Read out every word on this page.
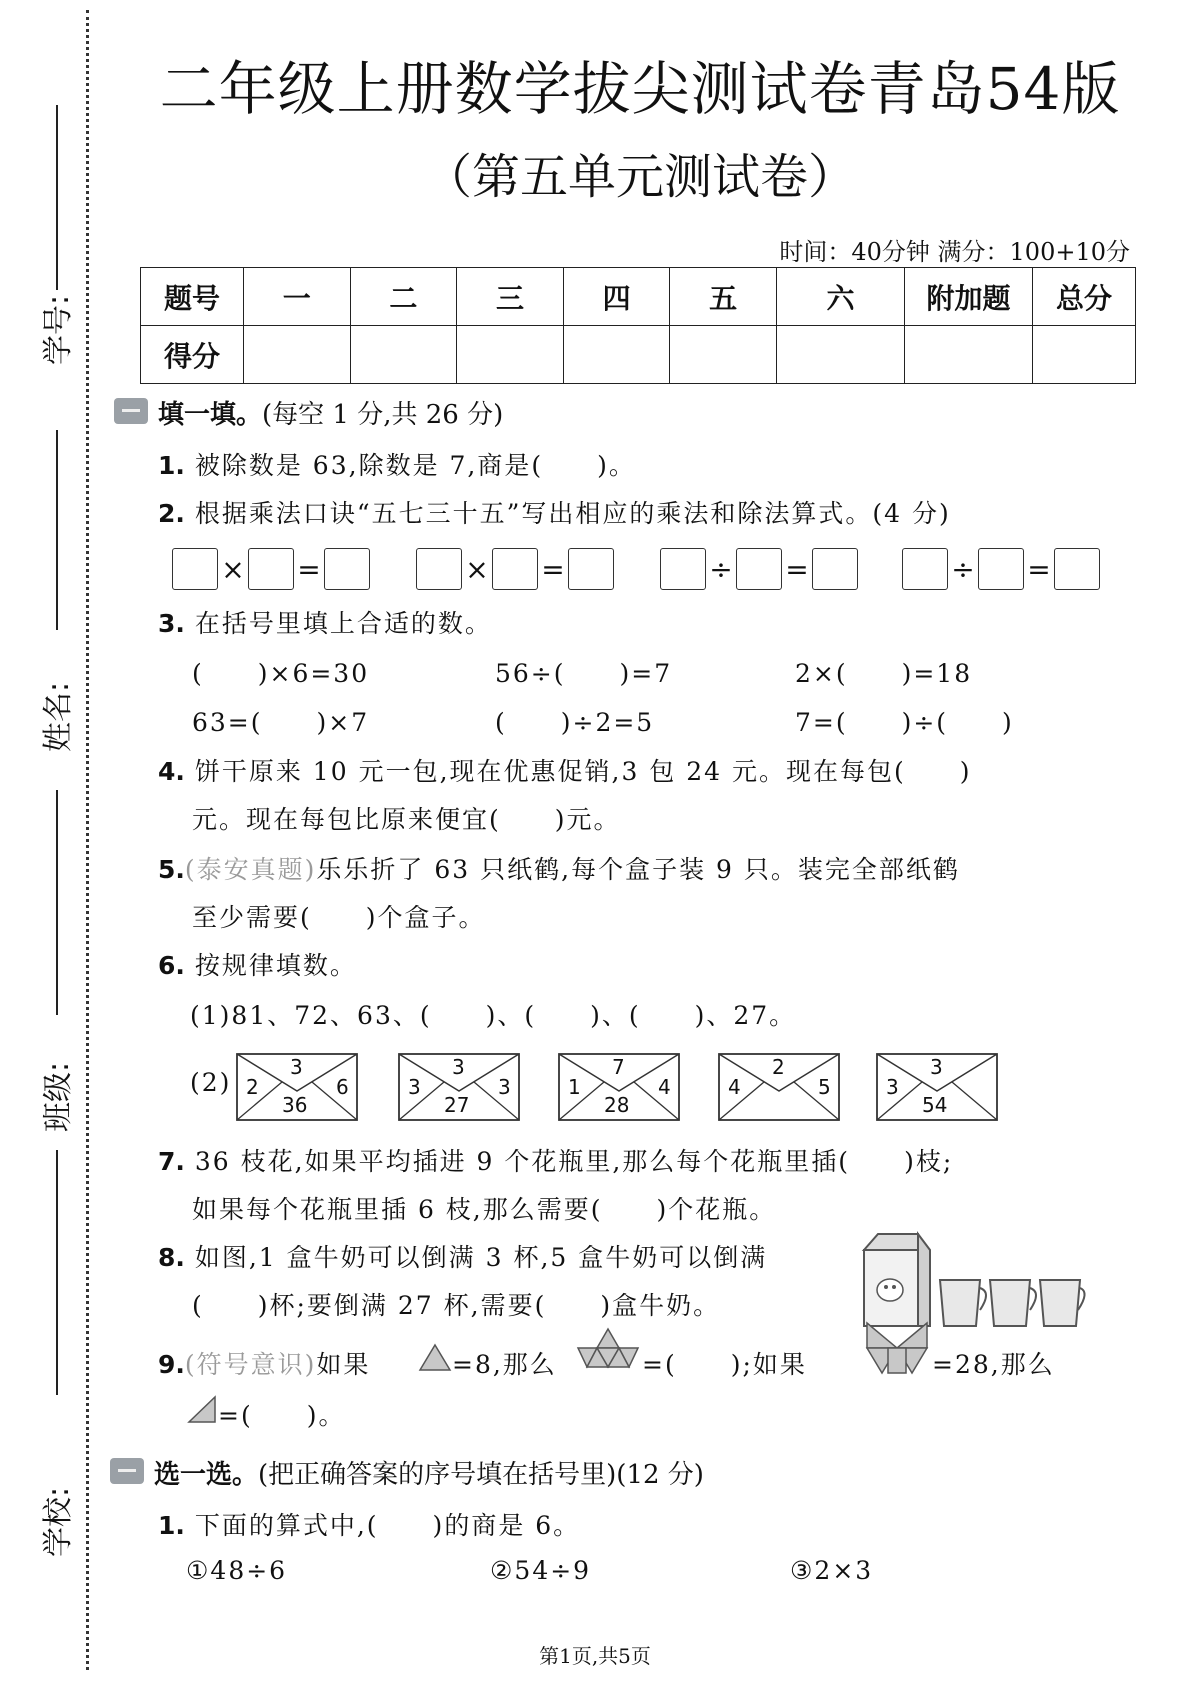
学号:
姓名:
班级:
学校:
二年级上册数学拔尖测试卷青岛54版
（第五单元测试卷）
时间：40分钟 满分：100+10分
题号	一	二	三	四	五	六	附加题	总分
得分								
填一填。(每空 1 分,共 26 分)
1. 被除数是 63,除数是 7,商是(　　)。
2. 根据乘法口诀“五七三十五”写出相应的乘法和除法算式。(4 分)
× =	× =	÷ =	÷ =
3. 在括号里填上合适的数。
(　　)×6=30	56÷(　　)=7	2×(　　)=18
63=(　　)×7	(　　)÷2=5	7=(　　)÷(　　)
4. 饼干原来 10 元一包,现在优惠促销,3 包 24 元。现在每包(　　)
元。现在每包比原来便宜(　　)元。
5.(泰安真题)乐乐折了 63 只纸鹤,每个盒子装 9 只。装完全部纸鹤
至少需要(　　)个盒子。
6. 按规律填数。
(1)81、72、63、(　　)、(　　)、(　　)、27。
(2)
3
2	6
36
3
3	3
27
7
1	4
28
2
4	5
3
3
54
7. 36 枝花,如果平均插进 9 个花瓶里,那么每个花瓶里插(　　)枝;
如果每个花瓶里插 6 枝,那么需要(　　)个花瓶。
8. 如图,1 盒牛奶可以倒满 3 杯,5 盒牛奶可以倒满
(　　)杯;要倒满 27 杯,需要(　　)盒牛奶。
9.(符号意识)如果	=8,那么	=(　　);如果	=28,那么
=(　　)。
选一选。(把正确答案的序号填在括号里)(12 分)
1. 下面的算式中,(　　)的商是 6。
①48÷6	②54÷9	③2×3
第1页,共5页
